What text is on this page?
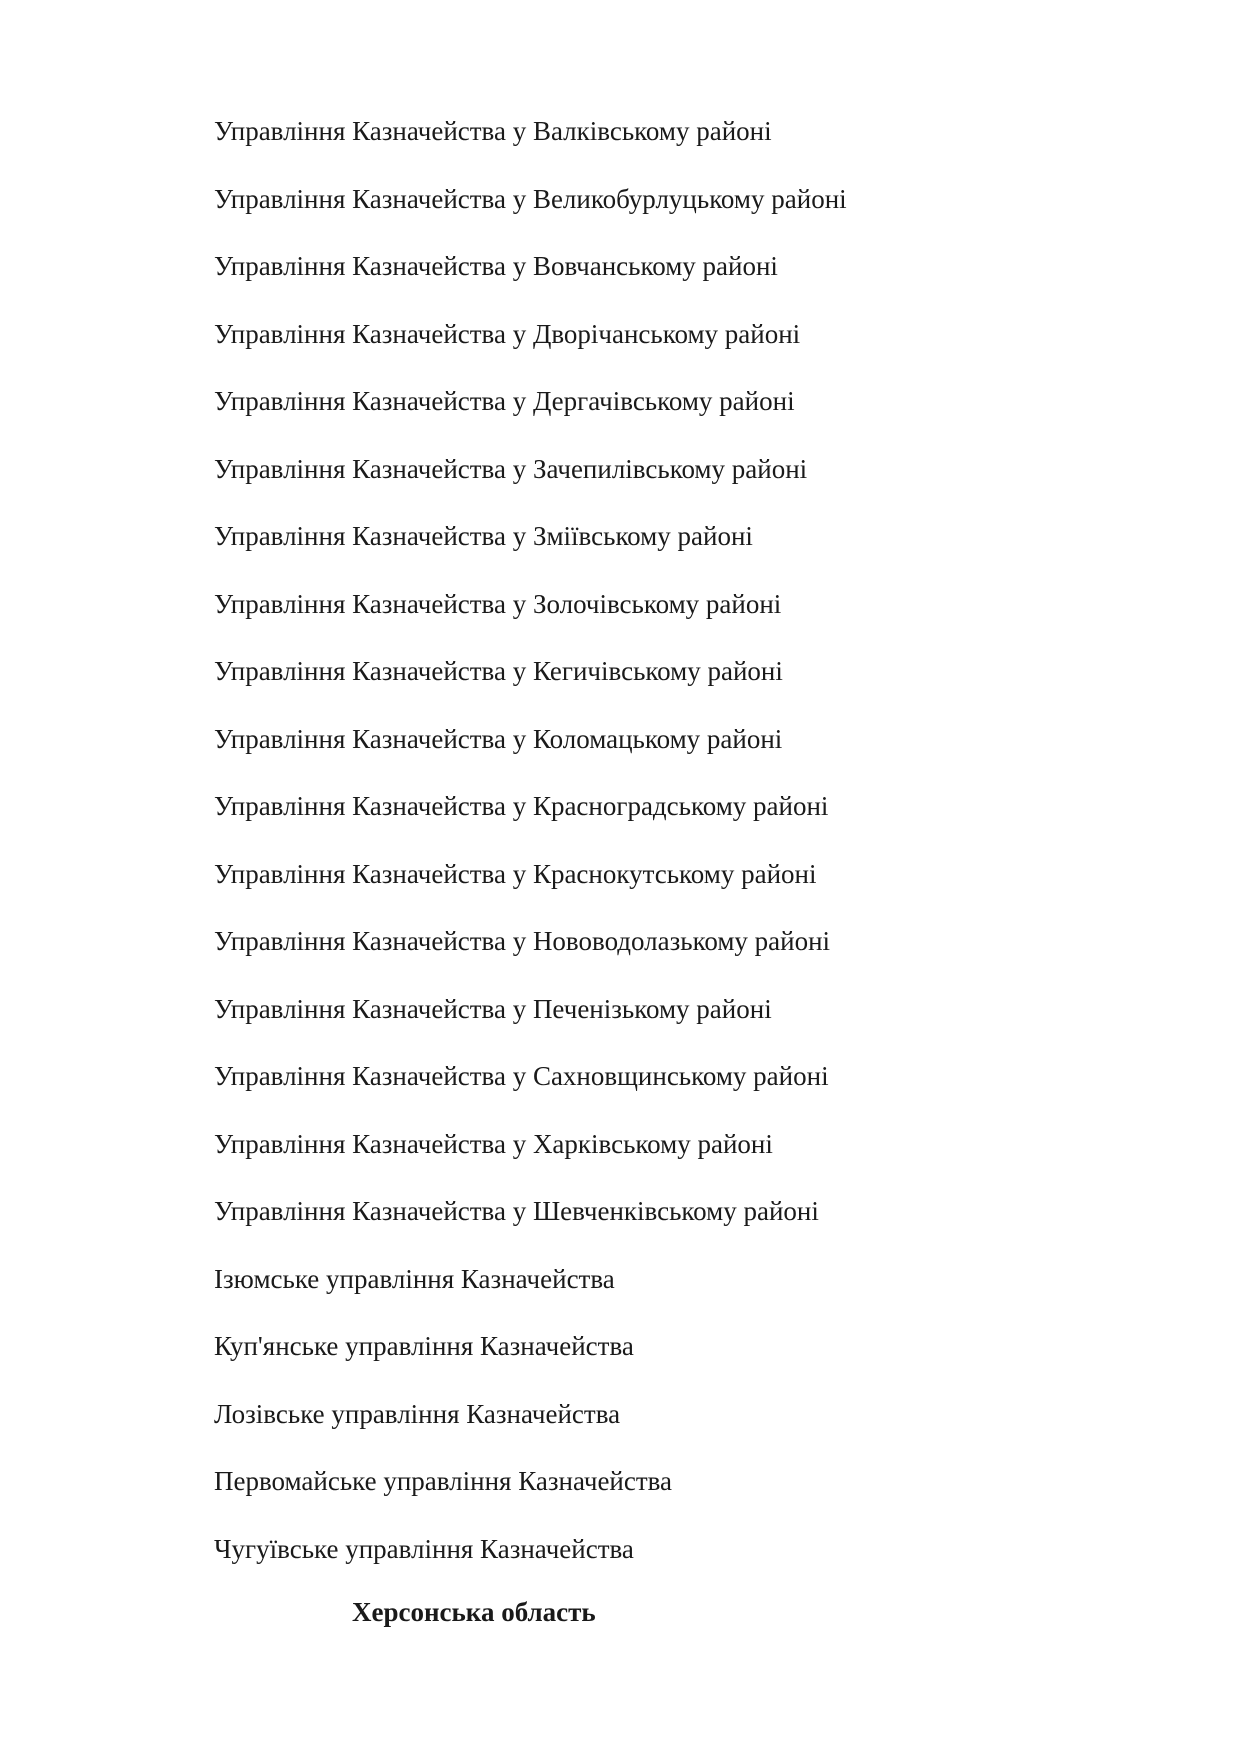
Управління Казначейства у Валківському районі
Управління Казначейства у Великобурлуцькому районі
Управління Казначейства у Вовчанському районі
Управління Казначейства у Дворічанському районі
Управління Казначейства у Дергачівському районі
Управління Казначейства у Зачепилівському районі
Управління Казначейства у Зміївському районі
Управління Казначейства у Золочівському районі
Управління Казначейства у Кегичівському районі
Управління Казначейства у Коломацькому районі
Управління Казначейства у Красноградському районі
Управління Казначейства у Краснокутському районі
Управління Казначейства у Нововодолазькому районі
Управління Казначейства у Печенізькому районі
Управління Казначейства у Сахновщинському районі
Управління Казначейства у Харківському районі
Управління Казначейства у Шевченківському районі
Ізюмське управління Казначейства
Куп'янське управління Казначейства
Лозівське управління Казначейства
Первомайське управління Казначейства
Чугуївське управління Казначейства
Херсонська область
